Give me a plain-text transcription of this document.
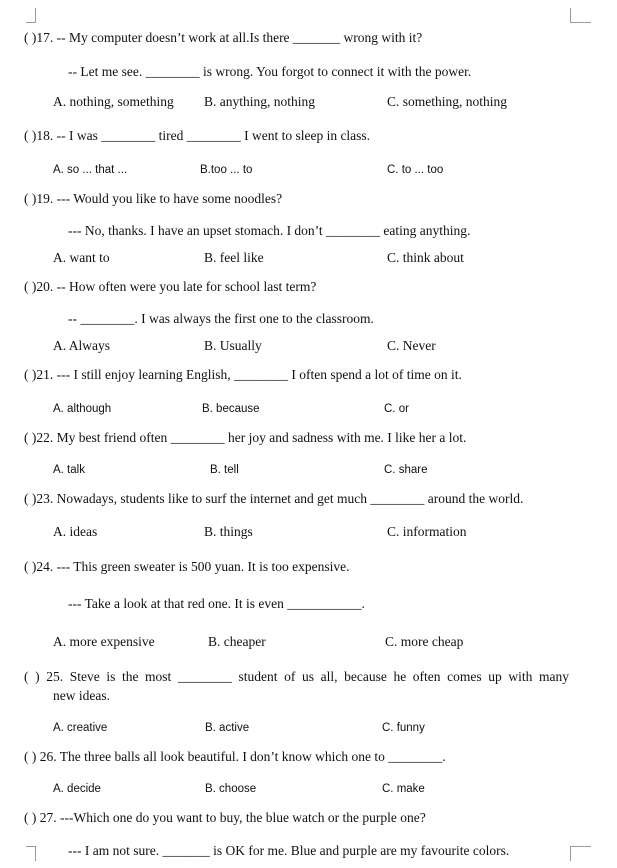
( )17. -- My computer doesn’t work at all.Is there _______ wrong with it?
-- Let me see. ________ is wrong. You forgot to connect it with the power.
A. nothing, something B. anything, nothing	C. something, nothing
( )18. -- I was ________ tired ________ I went to sleep in class.
A. so ... that ...	B.too ... to	C. to ... too
( )19. --- Would you like to have some noodles?
--- No, thanks. I have an upset stomach. I don’t ________ eating anything.
A. want to	B. feel like	C. think about
( )20. -- How often were you late for school last term?
-- ________. I was always the first one to the classroom.
A. Always	B. Usually	C. Never
( )21. --- I still enjoy learning English, ________ I often spend a lot of time on it.
A. although	B. because	C. or
( )22. My best friend often ________ her joy and sadness with me. I like her a lot.
A. talk	B. tell	C. share
( )23. Nowadays, students like to surf the internet and get much ________ around the world.
A. ideas	B. things	C. information
( )24. --- This green sweater is 500 yuan. It is too expensive.
--- Take a look at that red one. It is even ___________.
A. more expensive	B. cheaper	C. more cheap
( ) 25. Steve is the most ________ student of us all, because he often comes up with many
new ideas.
A. creative	B. active	C. funny
( ) 26. The three balls all look beautiful. I don’t know which one to ________.
A. decide	B. choose	C. make
( ) 27. ---Which one do you want to buy, the blue watch or the purple one?
--- I am not sure. _______ is OK for me. Blue and purple are my favourite colors.
